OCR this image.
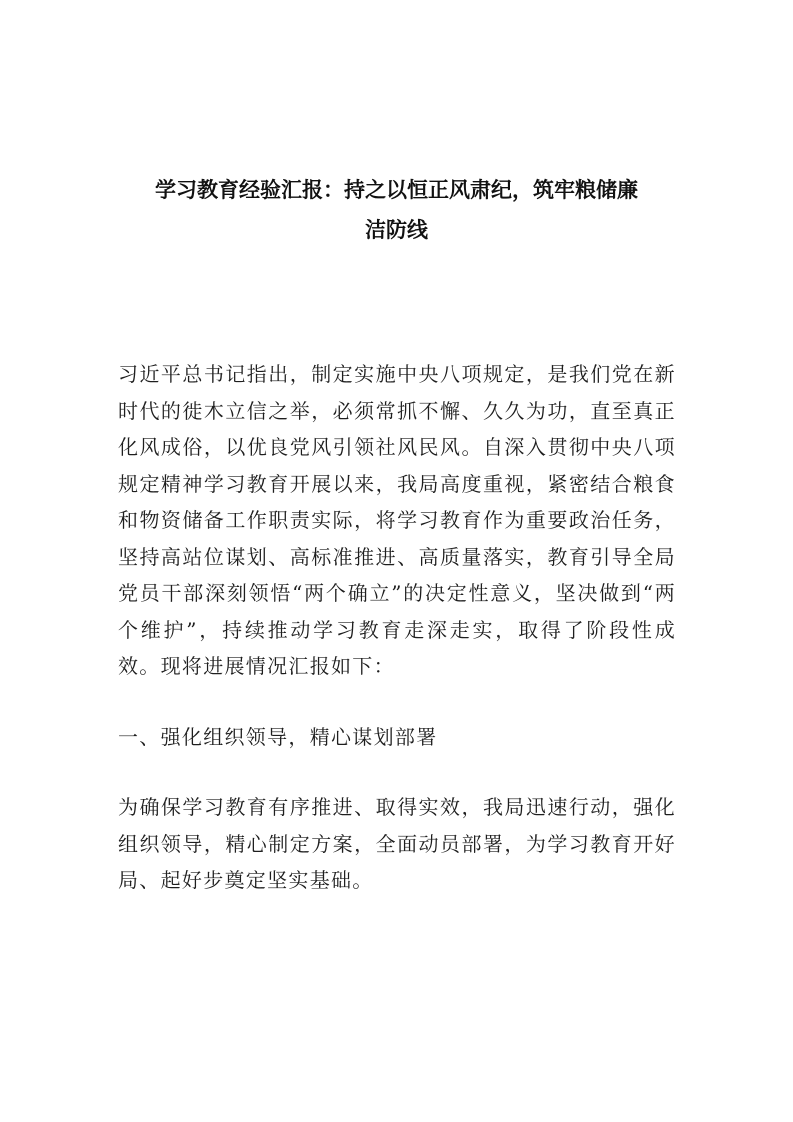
学习教育经验汇报：持之以恒正风肃纪，筑牢粮储廉
洁防线

习近平总书记指出，制定实施中央八项规定，是我们党在新时代的徙木立信之举，必须常抓不懈、久久为功，直至真正化风成俗，以优良党风引领社风民风。自深入贯彻中央八项规定精神学习教育开展以来，我局高度重视，紧密结合粮食和物资储备工作职责实际，将学习教育作为重要政治任务，坚持高站位谋划、高标准推进、高质量落实，教育引导全局党员干部深刻领悟“两个确立”的决定性意义，坚决做到“两个维护”，持续推动学习教育走深走实，取得了阶段性成效。现将进展情况汇报如下：

一、强化组织领导，精心谋划部署

为确保学习教育有序推进、取得实效，我局迅速行动，强化组织领导，精心制定方案，全面动员部署，为学习教育开好局、起好步奠定坚实基础。
